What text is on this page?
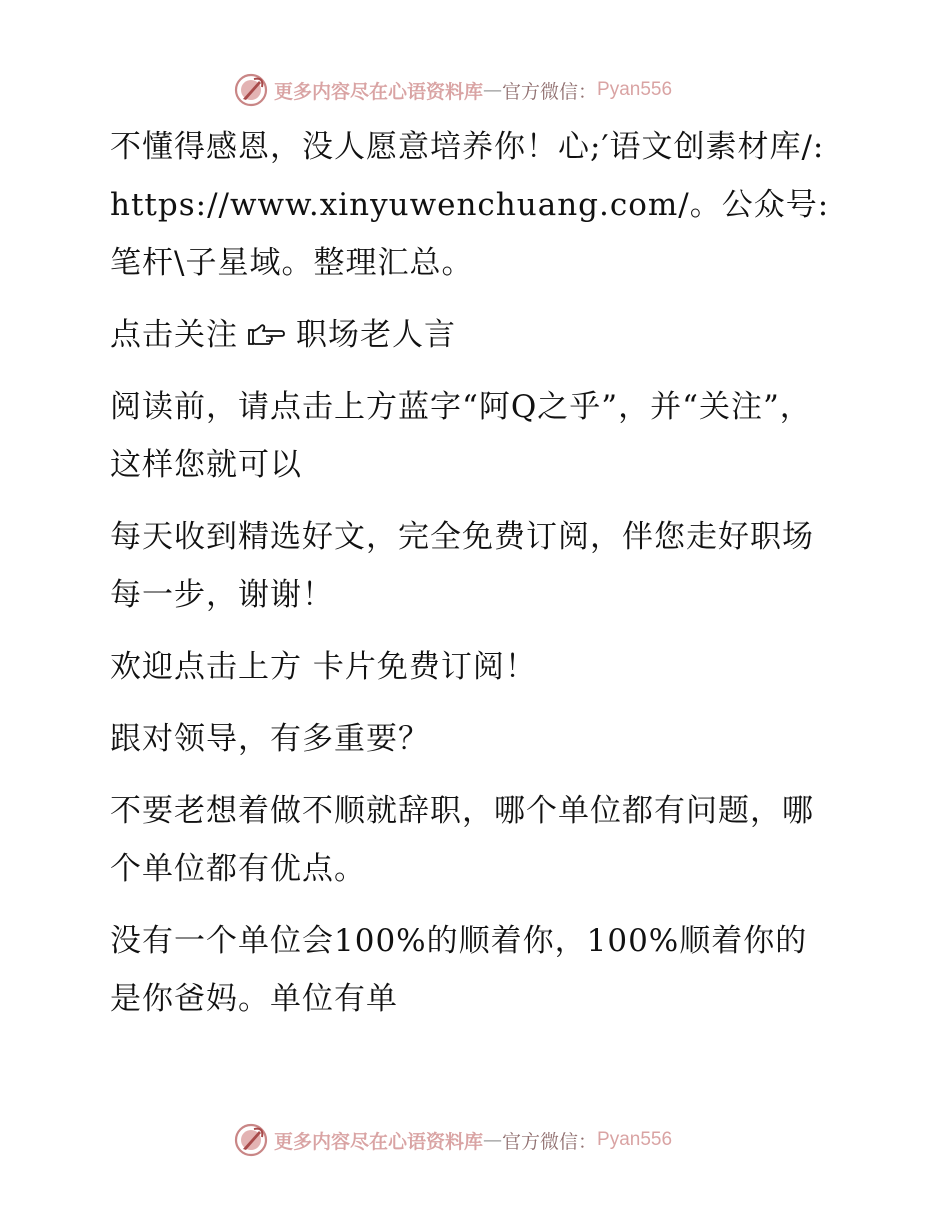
更多内容尽在心语资料库 — 官方微信： Pyan556

不懂得感恩，没人愿意培养你！心;′语文创素材库/: https://www.xinyuwenchuang.com/。公众号: 笔杆\子星域。整理汇总。

点击关注 职场老人言

阅读前，请点击上方蓝字“阿Q之乎”，并“关注”，这样您就可以

每天收到精选好文，完全免费订阅，伴您走好职场每一步，谢谢！

欢迎点击上方 卡片免费订阅！

跟对领导，有多重要？

不要老想着做不顺就辞职，哪个单位都有问题，哪个单位都有优点。

没有一个单位会100%的顺着你，100%顺着你的是你爸妈。单位有单

更多内容尽在心语资料库 — 官方微信： Pyan556
